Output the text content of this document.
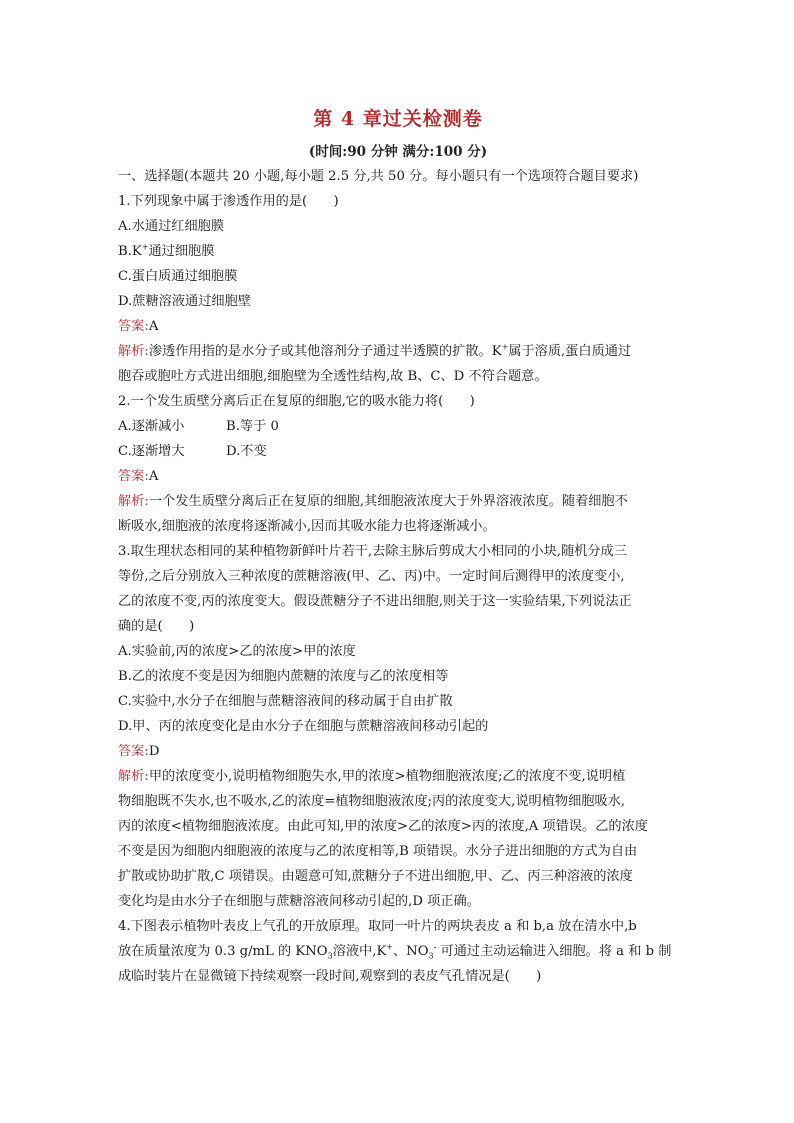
第 4 章过关检测卷
(时间:90 分钟 满分:100 分)
一、选择题(本题共 20 小题,每小题 2.5 分,共 50 分。每小题只有一个选项符合题目要求)
1.下列现象中属于渗透作用的是(　　)
A.水通过红细胞膜
B.K+通过细胞膜
C.蛋白质通过细胞膜
D.蔗糖溶液通过细胞壁
答案:A
解析:渗透作用指的是水分子或其他溶剂分子通过半透膜的扩散。K+属于溶质,蛋白质通过
胞吞或胞吐方式进出细胞,细胞壁为全透性结构,故 B、C、D 不符合题意。
2.一个发生质壁分离后正在复原的细胞,它的吸水能力将(　　)
A.逐渐减小	B.等于 0
C.逐渐增大	D.不变
答案:A
解析:一个发生质壁分离后正在复原的细胞,其细胞液浓度大于外界溶液浓度。随着细胞不
断吸水,细胞液的浓度将逐渐减小,因而其吸水能力也将逐渐减小。
3.取生理状态相同的某种植物新鲜叶片若干,去除主脉后剪成大小相同的小块,随机分成三
等份,之后分别放入三种浓度的蔗糖溶液(甲、乙、丙)中。一定时间后测得甲的浓度变小,
乙的浓度不变,丙的浓度变大。假设蔗糖分子不进出细胞,则关于这一实验结果,下列说法正
确的是(　　)
A.实验前,丙的浓度>乙的浓度>甲的浓度
B.乙的浓度不变是因为细胞内蔗糖的浓度与乙的浓度相等
C.实验中,水分子在细胞与蔗糖溶液间的移动属于自由扩散
D.甲、丙的浓度变化是由水分子在细胞与蔗糖溶液间移动引起的
答案:D
解析:甲的浓度变小,说明植物细胞失水,甲的浓度>植物细胞液浓度;乙的浓度不变,说明植
物细胞既不失水,也不吸水,乙的浓度=植物细胞液浓度;丙的浓度变大,说明植物细胞吸水,
丙的浓度<植物细胞液浓度。由此可知,甲的浓度>乙的浓度>丙的浓度,A 项错误。乙的浓度
不变是因为细胞内细胞液的浓度与乙的浓度相等,B 项错误。水分子进出细胞的方式为自由
扩散或协助扩散,C 项错误。由题意可知,蔗糖分子不进出细胞,甲、乙、丙三种溶液的浓度
变化均是由水分子在细胞与蔗糖溶液间移动引起的,D 项正确。
4.下图表示植物叶表皮上气孔的开放原理。取同一叶片的两块表皮 a 和 b,a 放在清水中,b
放在质量浓度为 0.3 g/mL 的 $KNO_3$溶液中,K+、$NO_3^-$ 可通过主动运输进入细胞。将 a 和 b 制
成临时装片在显微镜下持续观察一段时间,观察到的表皮气孔情况是(　　)
